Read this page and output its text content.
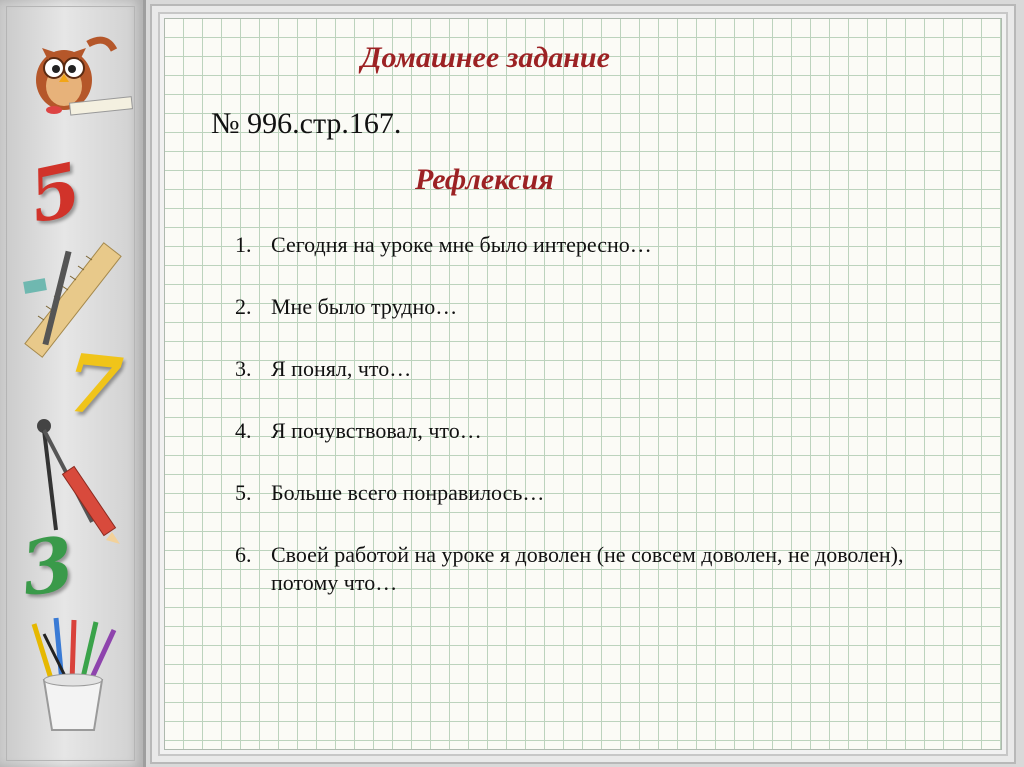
5
7
3
Домашнее задание
№ 996.стр.167.
Рефлексия
1. Сегодня на уроке мне было интересно…
2. Мне было трудно…
3. Я понял, что…
4. Я почувствовал, что…
5. Больше всего понравилось…
6. Своей работой на уроке я доволен (не совсем доволен, не доволен), потому что…
